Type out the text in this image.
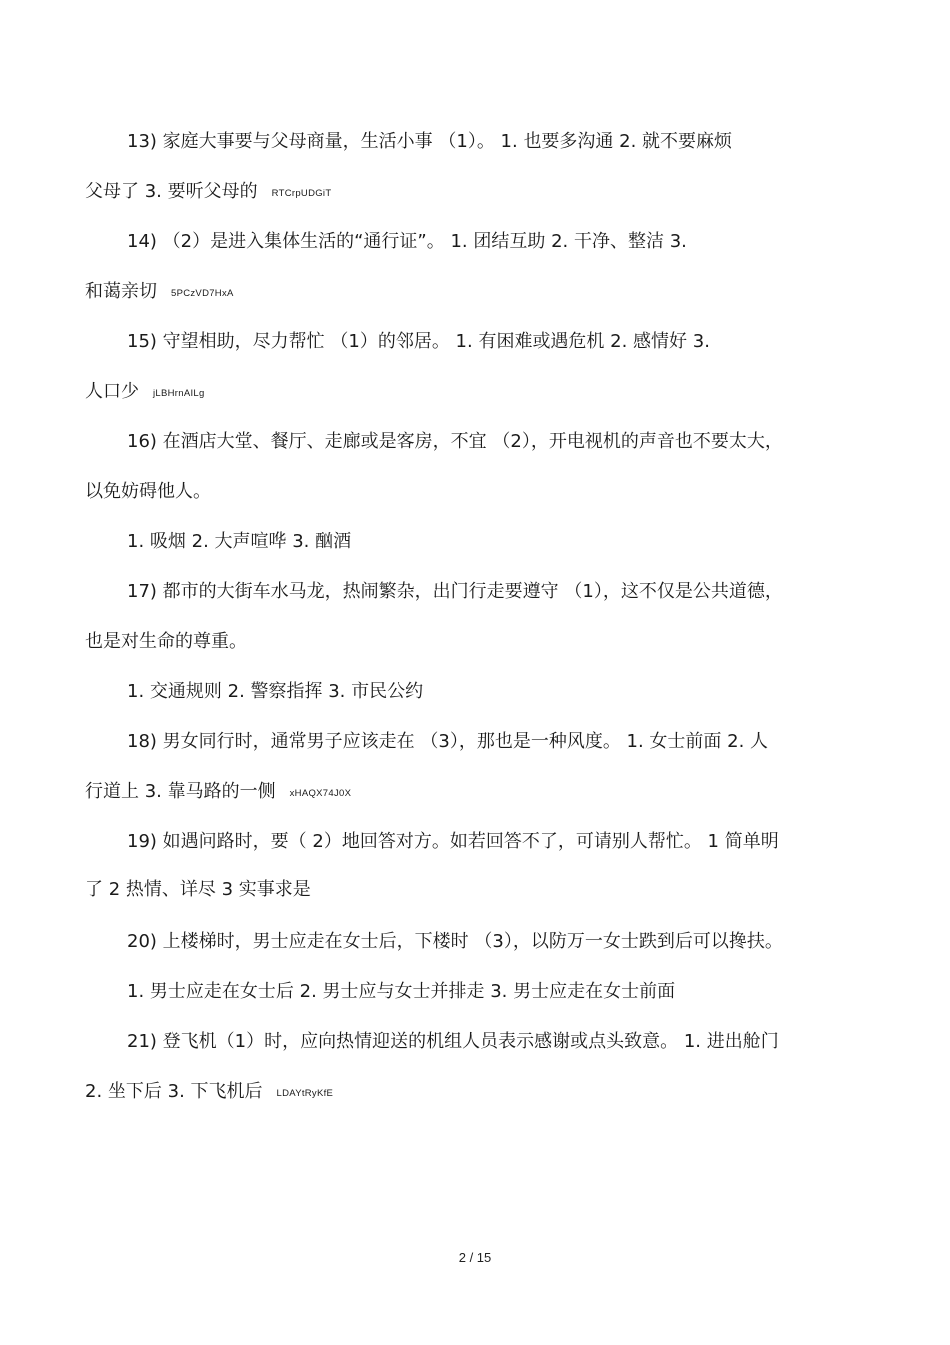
13) 家庭大事要与父母商量，生活小事 （1）。 1. 也要多沟通 2. 就不要麻烦
父母了 3. 要听父母的 RTCrpUDGiT
14) （2）是进入集体生活的“通行证”。 1. 团结互助 2. 干净、整洁 3.
和蔼亲切 5PCzVD7HxA
15) 守望相助，尽力帮忙 （1）的邻居。 1. 有困难或遇危机 2. 感情好 3.
人口少 jLBHrnAILg
16) 在酒店大堂、餐厅、走廊或是客房，不宜 （2），开电视机的声音也不要太大，
以免妨碍他人。
1. 吸烟 2. 大声喧哗 3. 酗酒
17) 都市的大街车水马龙，热闹繁杂，出门行走要遵守 （1），这不仅是公共道德，
也是对生命的尊重。
1. 交通规则 2. 警察指挥 3. 市民公约
18) 男女同行时，通常男子应该走在 （3），那也是一种风度。 1. 女士前面 2. 人
行道上 3. 靠马路的一侧 xHAQX74J0X
19) 如遇问路时，要（ 2）地回答对方。如若回答不了，可请别人帮忙。 1 简单明
了 2 热情、详尽 3 实事求是
20) 上楼梯时，男士应走在女士后，下楼时 （3），以防万一女士跌到后可以搀扶。
1. 男士应走在女士后 2. 男士应与女士并排走 3. 男士应走在女士前面
21) 登飞机（1）时，应向热情迎送的机组人员表示感谢或点头致意。 1. 进出舱门
2. 坐下后 3. 下飞机后 LDAYtRyKfE
2 / 15
